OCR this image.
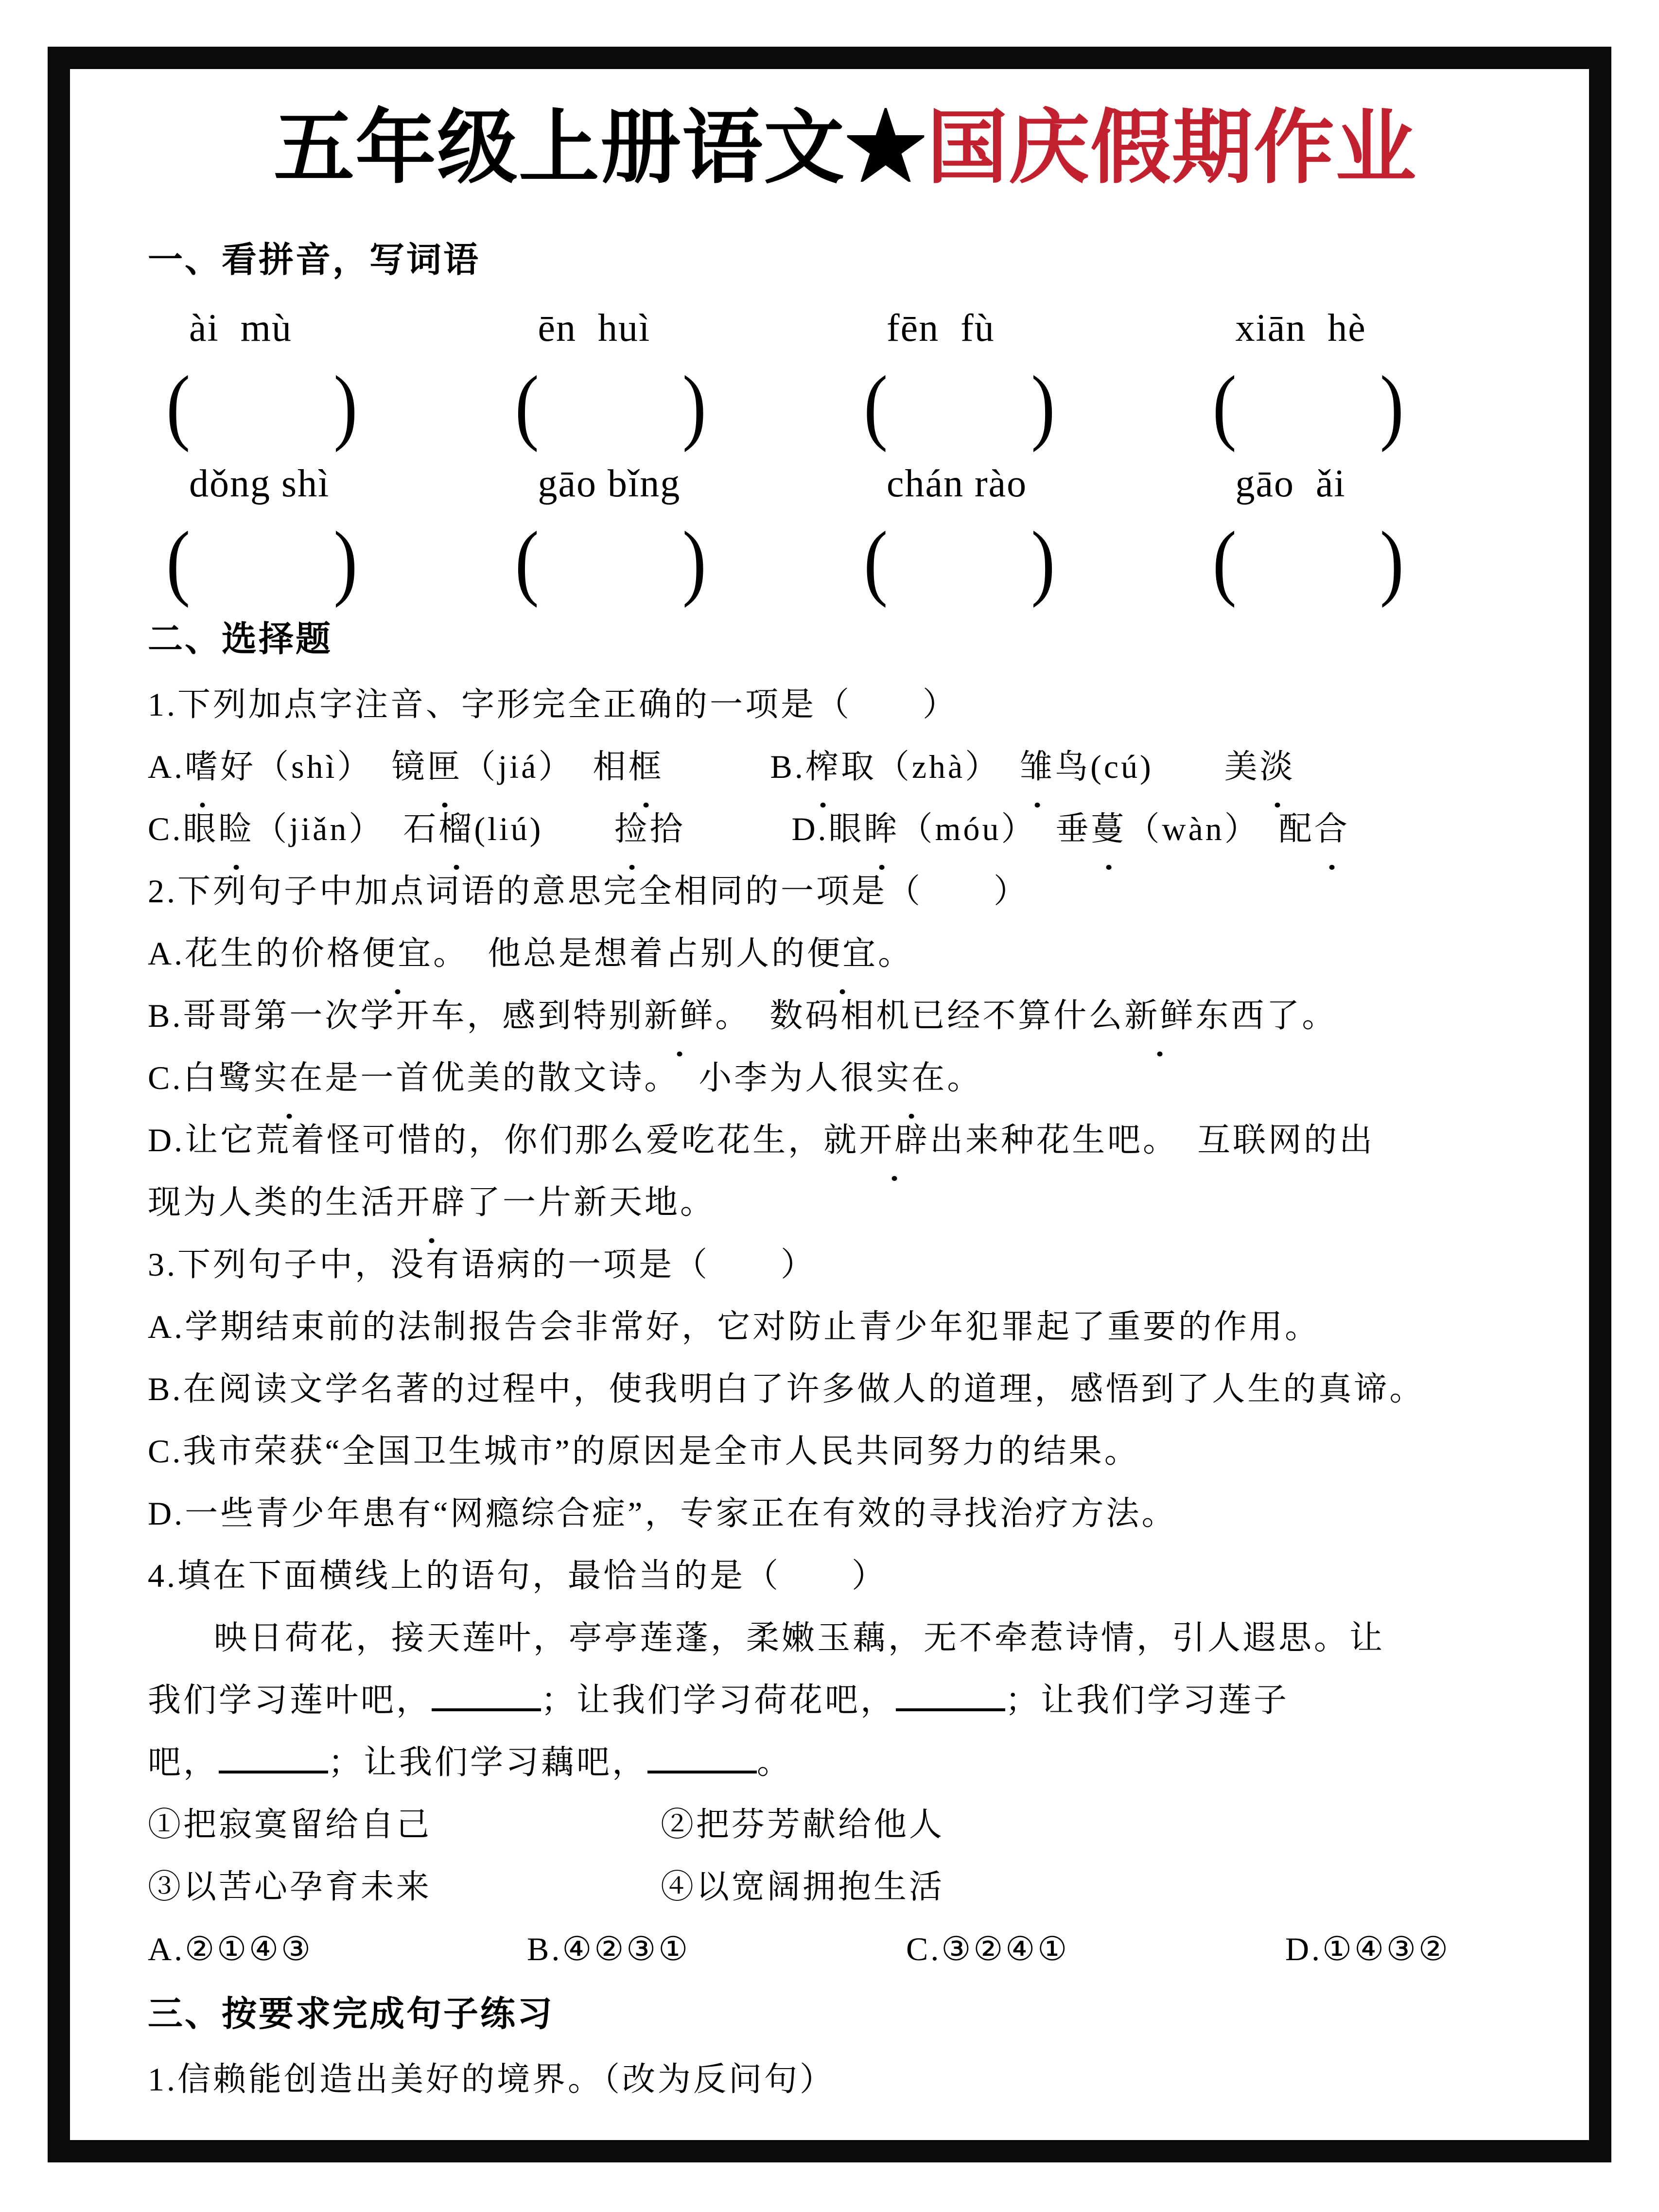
五年级上册语文★国庆假期作业
一、看拼音，写词语
ài  mù	ēn  huì	fēn  fù	xiān  hè
( )	( )	( )	( )
dǒng shì	gāo bǐng	chán rào	gāo  ǎi
( )	( )	( )	( )
二、选择题
1.下列加点字注音、字形完全正确的一项是（　　）
A.嗜好（shì）　镜匣（jiá）　相框　　　B.榨取（zhà）　雏鸟(cú)　　美淡
C.眼睑（jiǎn）　石榴(liú)　　捡拾　　　D.眼眸（móu）　垂蔓（wàn）　配合
2.下列句子中加点词语的意思完全相同的一项是（　　）
A.花生的价格便宜。　他总是想着占别人的便宜。
B.哥哥第一次学开车，感到特别新鲜。　数码相机已经不算什么新鲜东西了。
C.白鹭实在是一首优美的散文诗。　小李为人很实在。
D.让它荒着怪可惜的，你们那么爱吃花生，就开辟出来种花生吧。　互联网的出
现为人类的生活开辟了一片新天地。
3.下列句子中，没有语病的一项是（　　）
A.学期结束前的法制报告会非常好，它对防止青少年犯罪起了重要的作用。
B.在阅读文学名著的过程中，使我明白了许多做人的道理，感悟到了人生的真谛。
C.我市荣获“全国卫生城市”的原因是全市人民共同努力的结果。
D.一些青少年患有“网瘾综合症”，专家正在有效的寻找治疗方法。
4.填在下面横线上的语句，最恰当的是（　　）
映日荷花，接天莲叶，亭亭莲蓬，柔嫩玉藕，无不牵惹诗情，引人遐思。让
我们学习莲叶吧，	；让我们学习荷花吧，	；让我们学习莲子
吧，	；让我们学习藕吧，	。
①把寂寞留给自己	②把芬芳献给他人
③以苦心孕育未来	④以宽阔拥抱生活
A.②①④③	B.④②③①	C.③②④①	D.①④③②
三、按要求完成句子练习
1.信赖能创造出美好的境界。（改为反问句）
